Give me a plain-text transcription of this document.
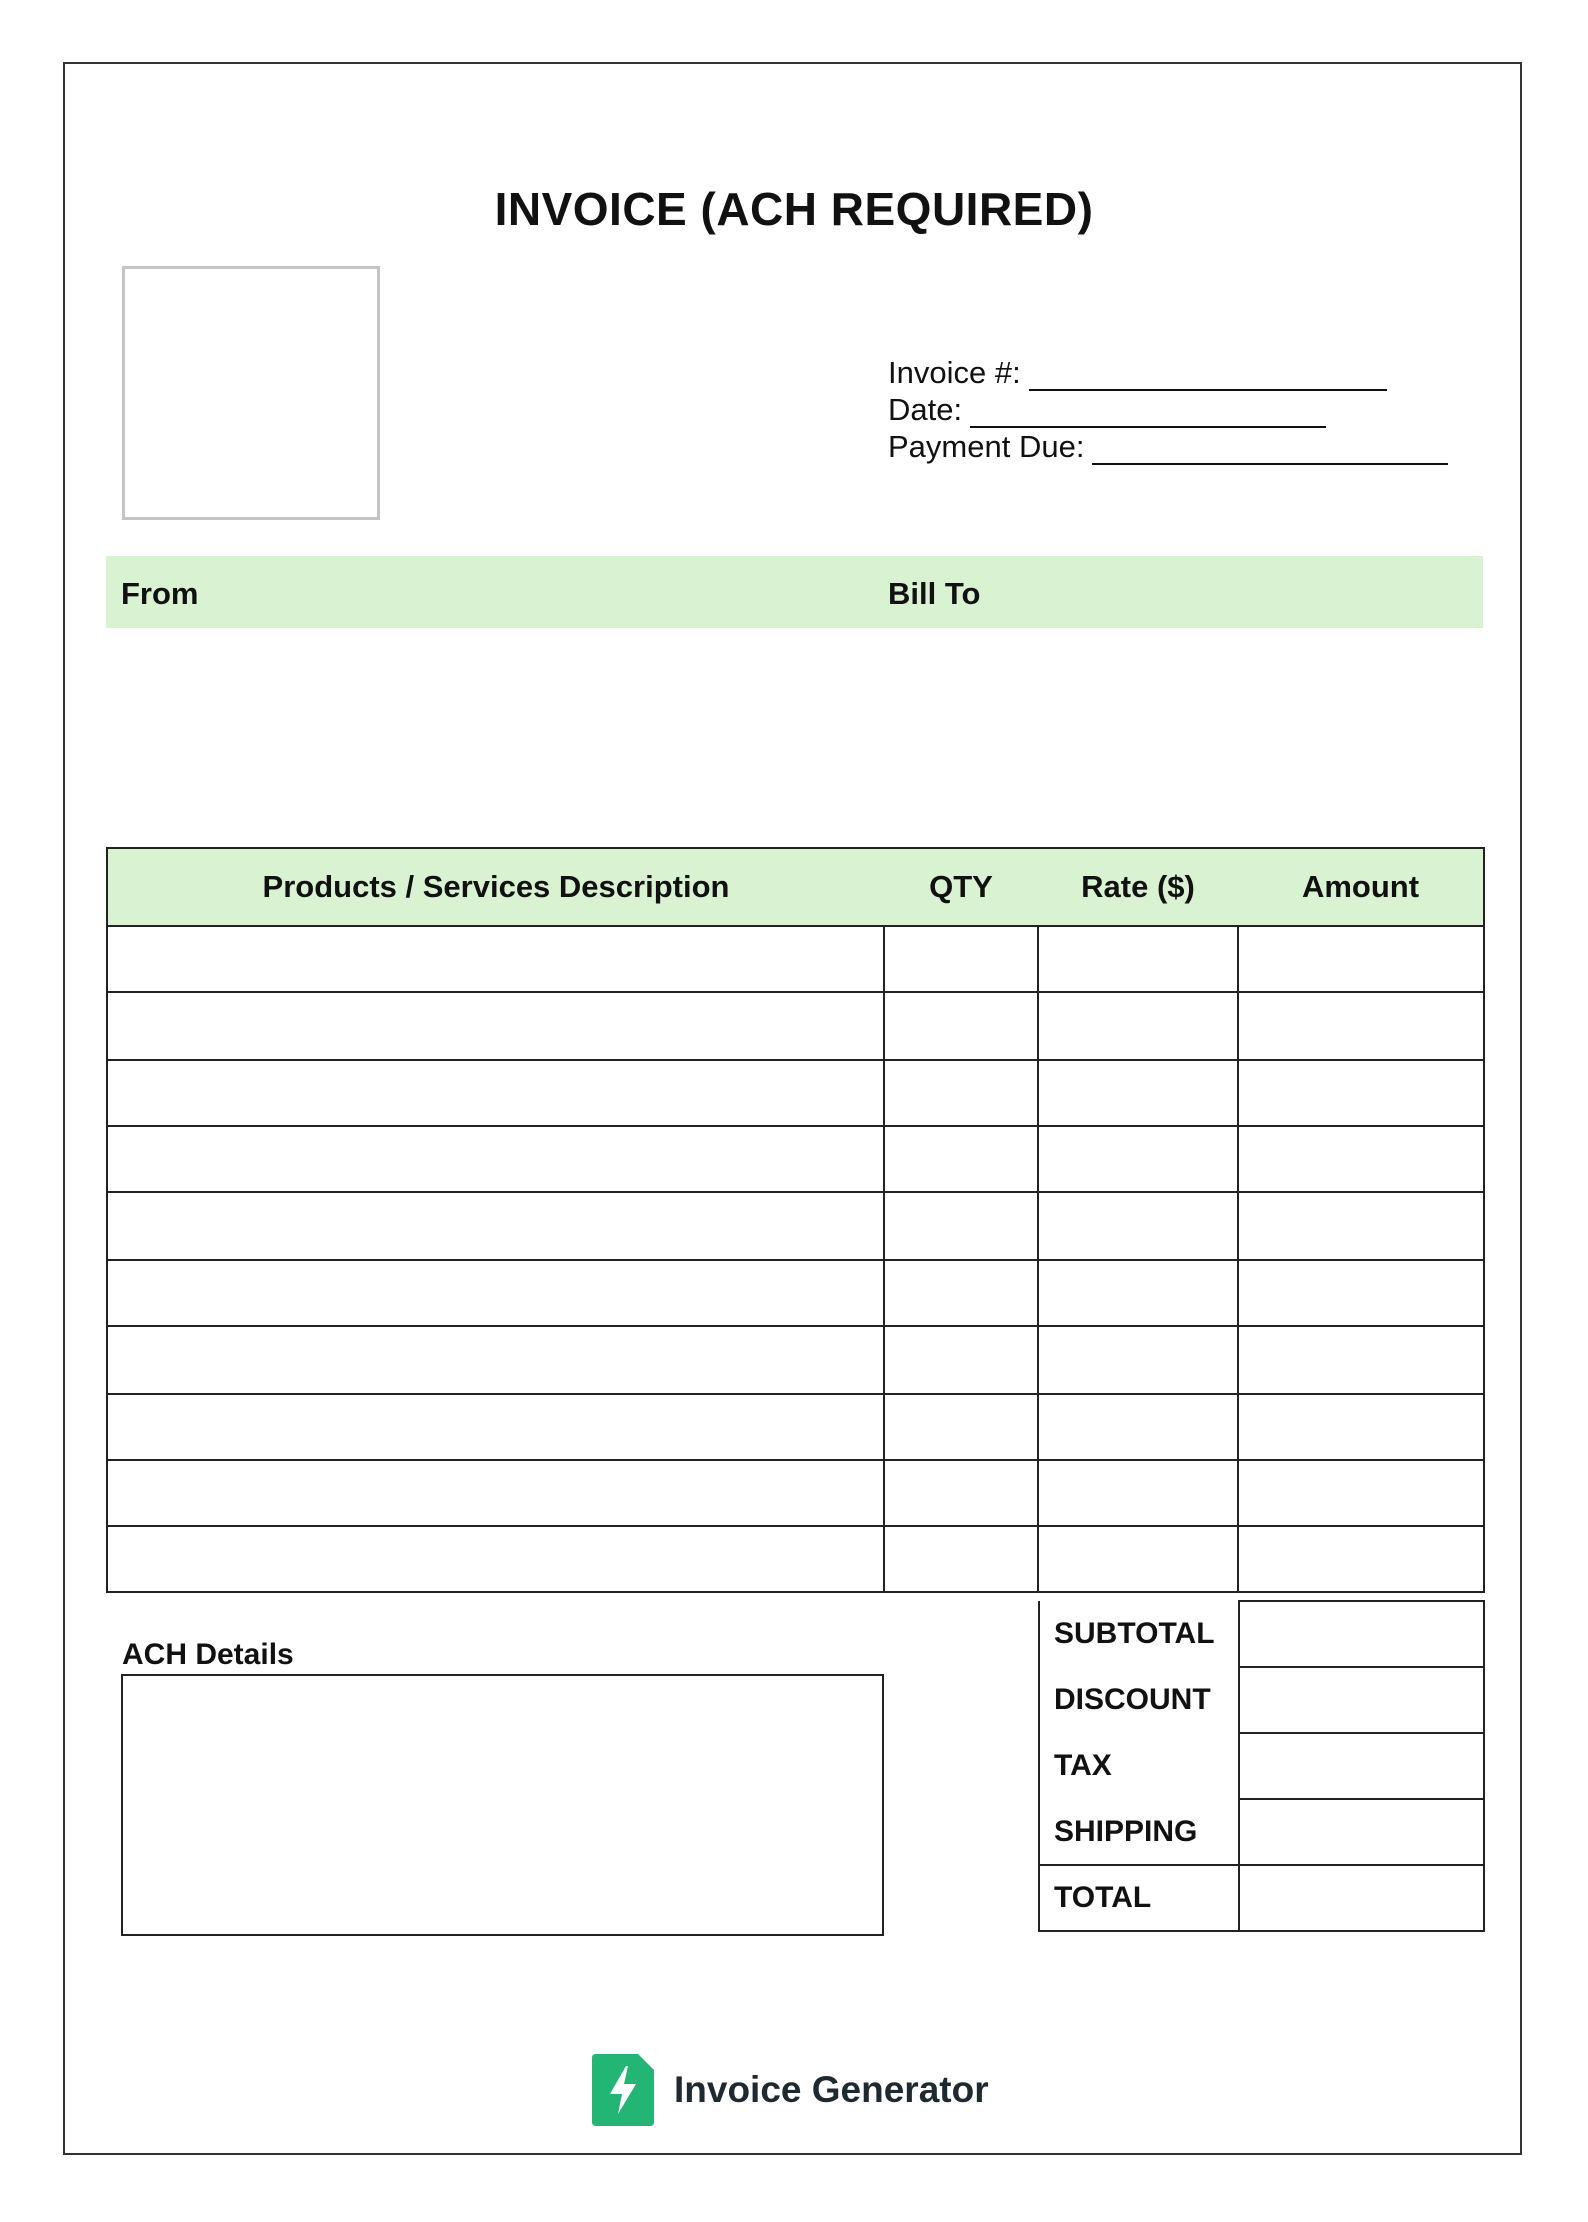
INVOICE (ACH REQUIRED)
Invoice #:
Date:
Payment Due:
From	Bill To
Products / Services Description	QTY	Rate ($)	Amount

ACH Details
SUBTOTAL	
DISCOUNT	
TAX	
SHIPPING	
TOTAL	
Invoice Generator
